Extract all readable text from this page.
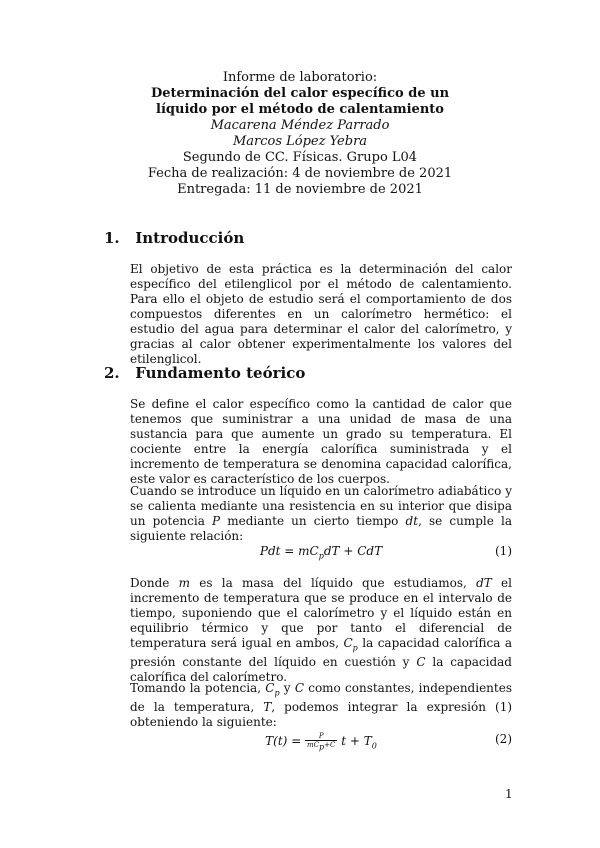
Informe de laboratorio:
Determinación del calor específico de un
líquido por el método de calentamiento
Macarena Méndez Parrado
Marcos López Yebra
Segundo de CC. Físicas. Grupo L04
Fecha de realización: 4 de noviembre de 2021
Entregada: 11 de noviembre de 2021
1. Introducción

El objetivo de esta práctica es la determinación del calor específico del etilenglicol por el método de calentamiento. Para ello el objeto de estudio será el comportamiento de dos compuestos diferentes en un calorímetro hermético: el estudio del agua para determinar el calor del calorímetro, y gracias al calor obtener experimentalmente los valores del etilenglicol.

2. Fundamento teórico

Se define el calor específico como la cantidad de calor que tenemos que suministrar a una unidad de masa de una sustancia para que aumente un grado su temperatura. El cociente entre la energía calorífica suministrada y el incremento de temperatura se denomina capacidad calorífica, este valor es característico de los cuerpos.

Cuando se introduce un líquido en un calorímetro adiabático y se calienta mediante una resistencia en su interior que disipa un potencia P mediante un cierto tiempo dt, se cumple la siguiente relación:

Pdt = $mC_pdT$ + CdT	(1)

Donde m es la masa del líquido que estudiamos, dT el incremento de temperatura que se produce en el intervalo de tiempo, suponiendo que el calorímetro y el líquido están en equilibrio térmico y que por tanto el diferencial de temperatura será igual en ambos, $C_p$ la capacidad calorífica a presión constante del líquido en cuestión y C la capacidad calorífica del calorímetro.

Tomando la potencia, $C_p$ y C como constantes, independientes de la temperatura, T, podemos integrar la expresión (1) obteniendo la siguiente:

$T(t) = \frac{P}{mC_p+C}$ $t + T_0$
(2)
1
